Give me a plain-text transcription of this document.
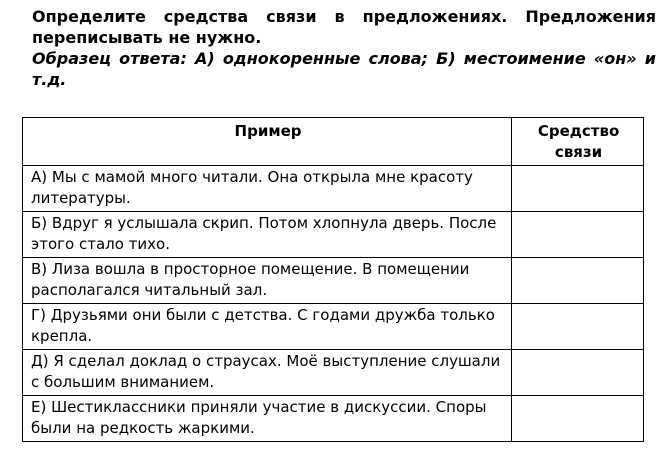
Определите средства связи в предложениях. Предложения переписывать не нужно.

Образец ответа: А) однокоренные слова; Б) местоимение «он» и т.д.

Пример	Средство связи
А) Мы с мамой много читали. Она открыла мне красоту литературы.	
Б) Вдруг я услышала скрип. Потом хлопнула дверь. После этого стало тихо.	
В) Лиза вошла в просторное помещение. В помещении располагался читальный зал.	
Г) Друзьями они были с детства. С годами дружба только крепла.	
Д) Я сделал доклад о страусах. Моё выступление слушали с большим вниманием.	
Е) Шестиклассники приняли участие в дискуссии. Споры были на редкость жаркими.	
